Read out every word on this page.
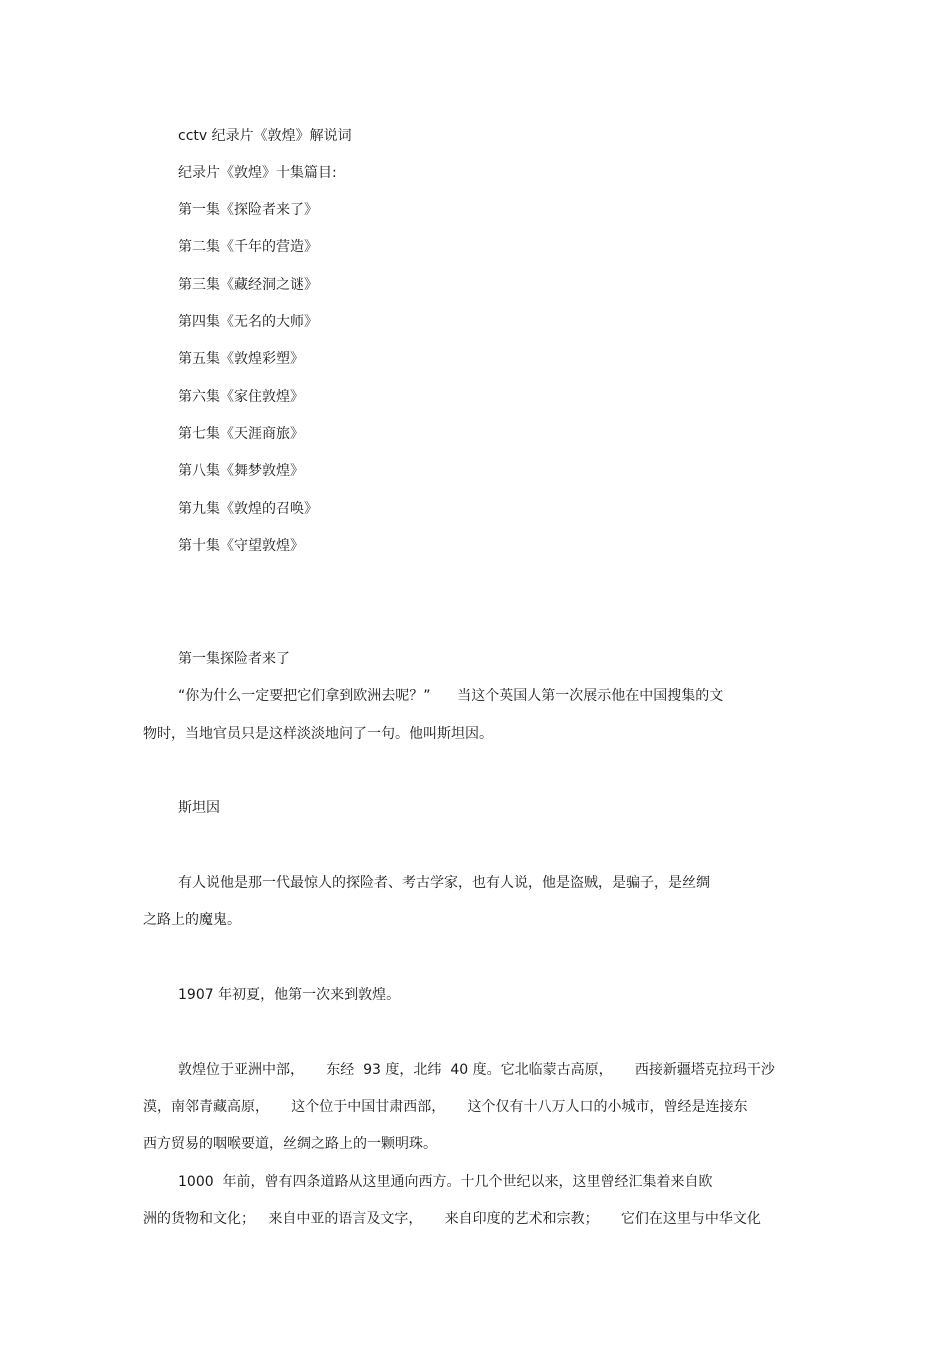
cctv 纪录片《敦煌》解说词
纪录片《敦煌》十集篇目:
第一集《探险者来了》
第二集《千年的营造》
第三集《藏经洞之谜》
第四集《无名的大师》
第五集《敦煌彩塑》
第六集《家住敦煌》
第七集《天涯商旅》
第八集《舞梦敦煌》
第九集《敦煌的召唤》
第十集《守望敦煌》
第一集探险者来了
“你为什么一定要把它们拿到欧洲去呢？”      当这个英国人第一次展示他在中国搜集的文
物时，当地官员只是这样淡淡地问了一句。他叫斯坦因。
斯坦因
有人说他是那一代最惊人的探险者、考古学家，也有人说，他是盗贼，是骗子，是丝绸
之路上的魔鬼。
1907 年初夏，他第一次来到敦煌。
敦煌位于亚洲中部，     东经  93 度，北纬  40 度。它北临蒙古高原，     西接新疆塔克拉玛干沙
漠，南邻青藏高原，     这个位于中国甘肃西部，     这个仅有十八万人口的小城市，曾经是连接东
西方贸易的咽喉要道，丝绸之路上的一颗明珠。
1000  年前，曾有四条道路从这里通向西方。十几个世纪以来，这里曾经汇集着来自欧
洲的货物和文化；   来自中亚的语言及文字，     来自印度的艺术和宗教；     它们在这里与中华文化
